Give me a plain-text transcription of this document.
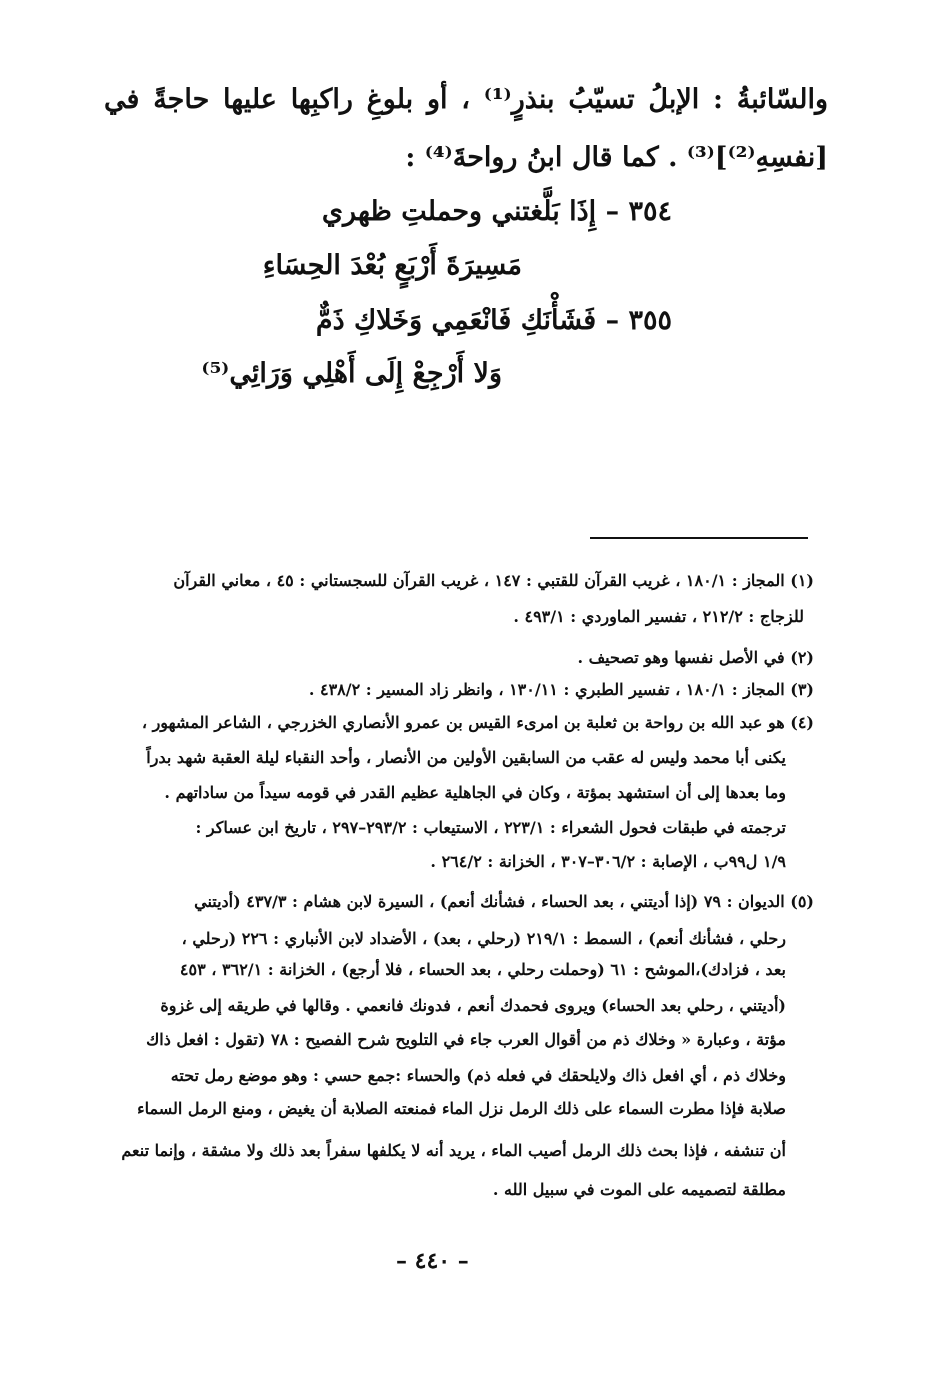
والسّائبةُ : الإبلُ تسيّبُ بنذرٍ⁽¹⁾ ، أو بلوغِ راكبِها عليها حاجةً في
[نفسِهِ⁽²⁾]⁽³⁾ . كما قال ابنُ رواحةَ⁽⁴⁾ :
٣٥٤ – إِذَا بَلَّغتني وحملتِ ظهري
مَسِيرَةَ أَرْبَعٍ بُعْدَ الحِسَاءِ
٣٥٥ – فَشَأْنَكِ فَانْعَمِي وَخَلاكِ ذَمٌّ
وَلا أَرْجِعْ إِلَى أَهْلِي وَرَائِي⁽⁵⁾
(١) المجاز : ١٨٠/١ ، غريب القرآن للقتبي : ١٤٧ ، غريب القرآن للسجستاني : ٤٥ ، معاني القرآن
للزجاج : ٢١٢/٢ ، تفسير الماوردي : ٤٩٣/١ .
(٢) في الأصل نفسها وهو تصحيف .
(٣) المجاز : ١٨٠/١ ، تفسير الطبري : ١٣٠/١١ ، وانظر زاد المسير : ٤٣٨/٢ .
(٤) هو عبد الله بن رواحة بن ثعلبة بن امرىء القيس بن عمرو الأنصاري الخزرجي ، الشاعر المشهور ،
يكنى أبا محمد وليس له عقب من السابقين الأولين من الأنصار ، وأحد النقباء ليلة العقبة شهد بدراً
وما بعدها إلى أن استشهد بمؤتة ، وكان في الجاهلية عظيم القدر في قومه سيداً من ساداتهم .
ترجمته في طبقات فحول الشعراء : ٢٢٣/١ ، الاستيعاب : ٢٩٣/٢–٢٩٧ ، تاريخ ابن عساكر :
١/٩ ل٩٩ب ، الإصابة : ٣٠٦/٢–٣٠٧ ، الخزانة : ٢٦٤/٢ .
(٥) الديوان : ٧٩ (إذا أديتني ، بعد الحساء ، فشأنك أنعم) ، السيرة لابن هشام : ٤٣٧/٣ (أديتني
رحلي ، فشأنك أنعم) ، السمط : ٢١٩/١ (رحلي ، بعد) ، الأضداد لابن الأنباري : ٢٢٦ (رحلي ،
بعد ، فزادك)،الموشح : ٦١ (وحملت رحلي ، بعد الحساء ، فلا أرجع) ، الخزانة : ٣٦٢/١ ، ٤٥٣
(أديتني ، رحلي بعد الحساء) ويروى فحمدك أنعم ، فدونك فانعمي . وقالها في طريقه إلى غزوة
مؤتة ، وعبارة « وخلاك ذم من أقوال العرب جاء في التلويح شرح الفصيح : ٧٨ (تقول : افعل ذاك
وخلاك ذم ، أي افعل ذاك ولايلحقك في فعله ذم) والحساء :جمع حسي : وهو موضع رمل تحته
صلابة فإذا مطرت السماء على ذلك الرمل نزل الماء فمنعته الصلابة أن يغيض ، ومنع الرمل السماء
أن تنشفه ، فإذا بحث ذلك الرمل أصيب الماء ، يريد أنه لا يكلفها سفراً بعد ذلك ولا مشقة ، وإنما تنعم
مطلقة لتصميمه على الموت في سبيل الله .
– ٤٤٠ –
